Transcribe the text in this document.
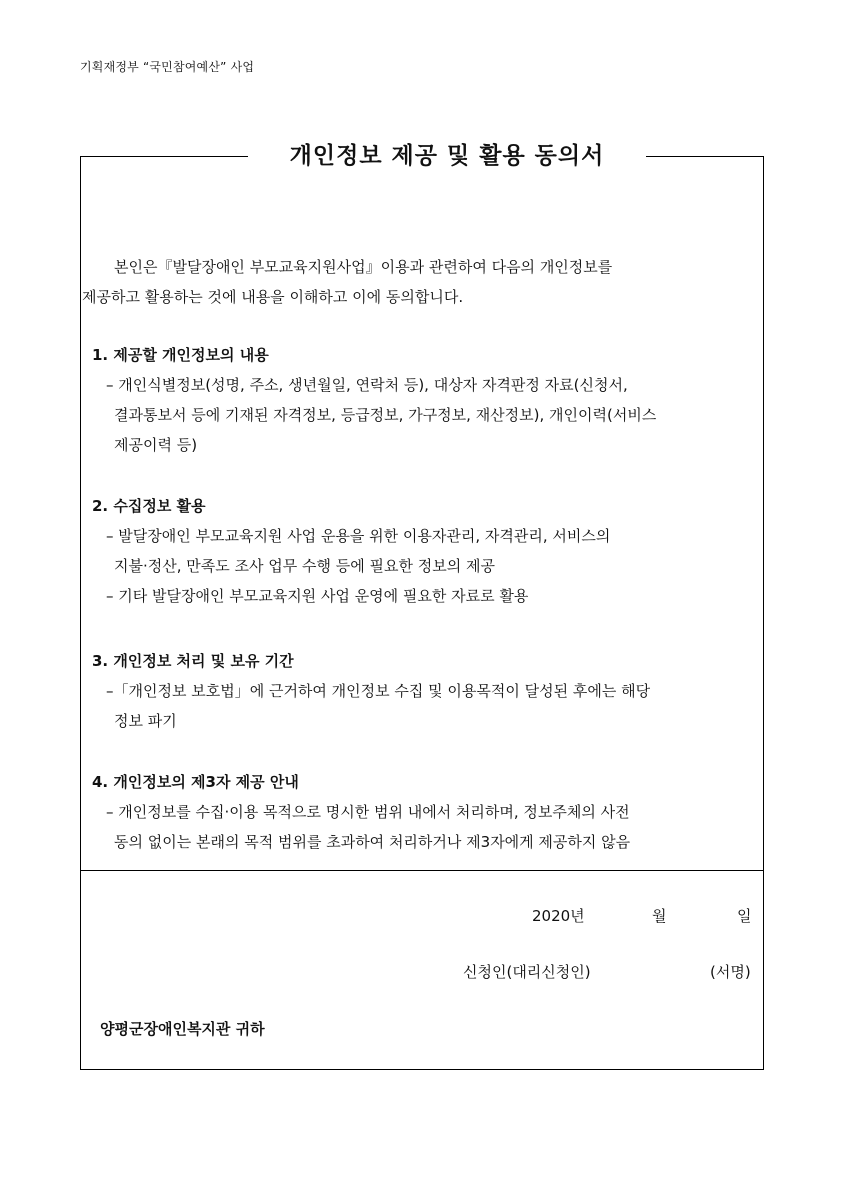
기획재정부 “국민참여예산” 사업
개인정보 제공 및 활용 동의서
본인은『발달장애인 부모교육지원사업』이용과 관련하여 다음의 개인정보를
제공하고 활용하는 것에 내용을 이해하고 이에 동의합니다.
1. 제공할 개인정보의 내용
– 개인식별정보(성명, 주소, 생년월일, 연락처 등), 대상자 자격판정 자료(신청서,
결과통보서 등에 기재된 자격정보, 등급정보, 가구정보, 재산정보), 개인이력(서비스
제공이력 등)
2. 수집정보 활용
– 발달장애인 부모교육지원 사업 운용을 위한 이용자관리, 자격관리, 서비스의
지불·정산, 만족도 조사 업무 수행 등에 필요한 정보의 제공
– 기타 발달장애인 부모교육지원 사업 운영에 필요한 자료로 활용
3. 개인정보 처리 및 보유 기간
–「개인정보 보호법」에 근거하여 개인정보 수집 및 이용목적이 달성된 후에는 해당
정보 파기
4. 개인정보의 제3자 제공 안내
– 개인정보를 수집·이용 목적으로 명시한 범위 내에서 처리하며, 정보주체의 사전
동의 없이는 본래의 목적 범위를 초과하여 처리하거나 제3자에게 제공하지 않음
2020년	월	일
신청인(대리신청인)	(서명)
양평군장애인복지관 귀하
